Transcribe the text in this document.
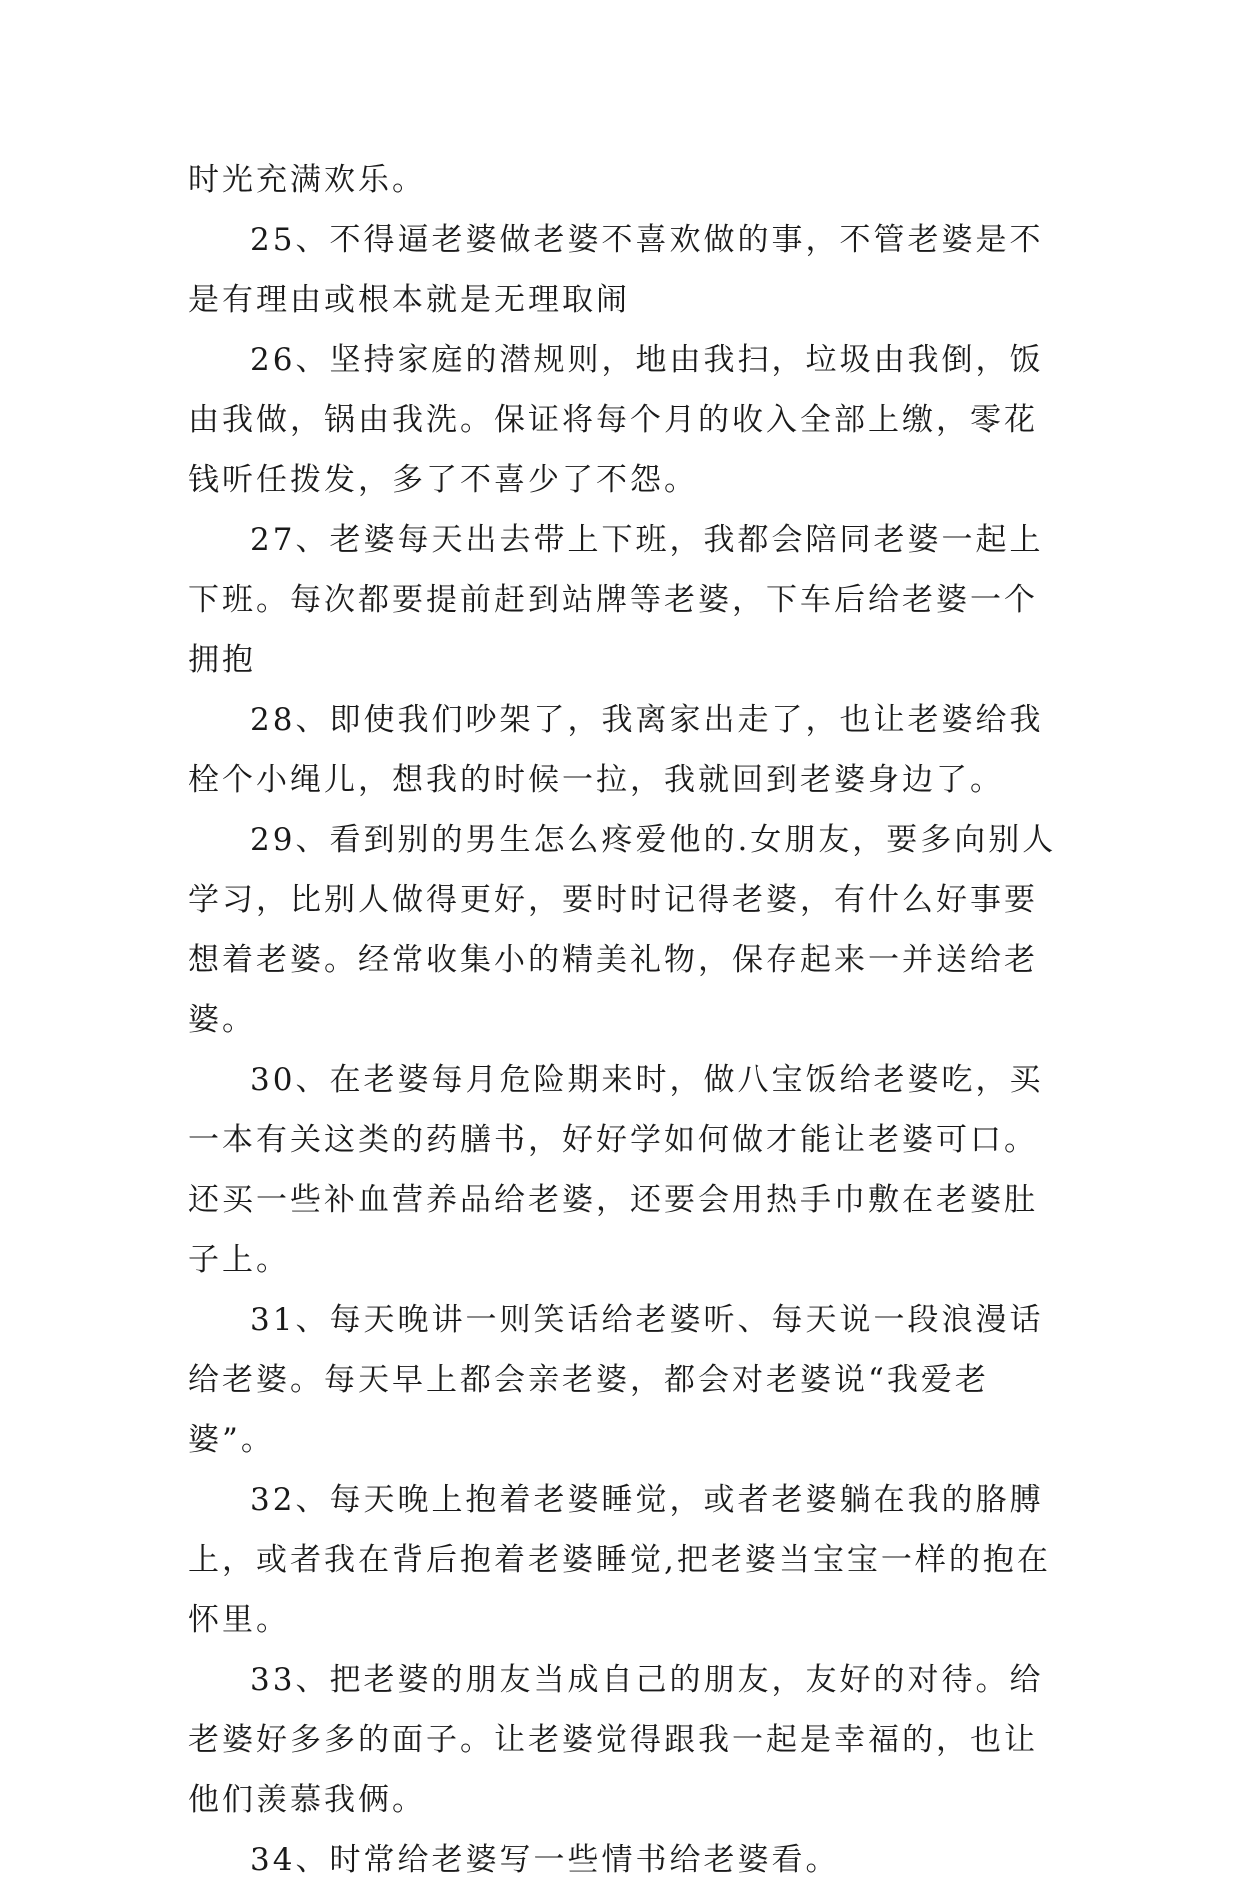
时光充满欢乐。

25、不得逼老婆做老婆不喜欢做的事，不管老婆是不是有理由或根本就是无理取闹

26、坚持家庭的潜规则，地由我扫，垃圾由我倒，饭由我做，锅由我洗。保证将每个月的收入全部上缴，零花钱听任拨发，多了不喜少了不怨。

27、老婆每天出去带上下班，我都会陪同老婆一起上下班。每次都要提前赶到站牌等老婆，下车后给老婆一个拥抱

28、即使我们吵架了，我离家出走了，也让老婆给我栓个小绳儿，想我的时候一拉，我就回到老婆身边了。

29、看到别的男生怎么疼爱他的.女朋友，要多向别人学习，比别人做得更好，要时时记得老婆，有什么好事要想着老婆。经常收集小的精美礼物，保存起来一并送给老婆。

30、在老婆每月危险期来时，做八宝饭给老婆吃，买一本有关这类的药膳书，好好学如何做才能让老婆可口。还买一些补血营养品给老婆，还要会用热手巾敷在老婆肚子上。

31、每天晚讲一则笑话给老婆听、每天说一段浪漫话给老婆。每天早上都会亲老婆，都会对老婆说“我爱老婆”。

32、每天晚上抱着老婆睡觉，或者老婆躺在我的胳膊上，或者我在背后抱着老婆睡觉,把老婆当宝宝一样的抱在怀里。

33、把老婆的朋友当成自己的朋友，友好的对待。给老婆好多多的面子。让老婆觉得跟我一起是幸福的，也让他们羡慕我俩。

34、时常给老婆写一些情书给老婆看。
